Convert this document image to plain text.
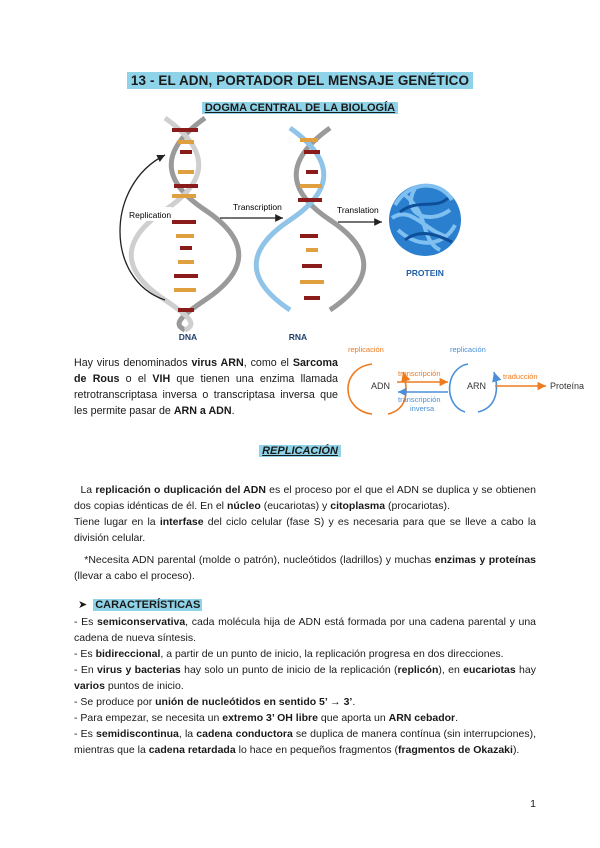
13 - EL ADN, PORTADOR DEL MENSAJE GENÉTICO
DOGMA CENTRAL DE LA BIOLOGÍA
Replication
Transcription	Translation
PROTEIN
DNA	RNA
replicación
ADN
transcripción
transcripción
inversa
replicación
ARN
traducción
Proteína
Hay virus denominados virus ARN, como el Sarcoma de Rous o el VIH que tienen una enzima llamada retrotranscriptasa inversa o transcriptasa inversa que les permite pasar de ARN a ADN.
REPLICACIÓN
La replicación o duplicación del ADN es el proceso por el que el ADN se duplica y se obtienen dos copias idénticas de él. En el núcleo (eucariotas) y citoplasma (procariotas).
Tiene lugar en la interfase del ciclo celular (fase S) y es necesaria para que se lleve a cabo la división celular.
*Necesita ADN parental (molde o patrón), nucleótidos (ladrillos) y muchas enzimas y proteínas (llevar a cabo el proceso).
➤ CARACTERÍSTICAS
- Es semiconservativa, cada molécula hija de ADN está formada por una cadena parental y una cadena de nueva síntesis.
- Es bidireccional, a partir de un punto de inicio, la replicación progresa en dos direcciones.
- En virus y bacterias hay solo un punto de inicio de la replicación (replicón), en eucariotas hay varios puntos de inicio.
- Se produce por unión de nucleótidos en sentido 5’ → 3’.
- Para empezar, se necesita un extremo 3’ OH libre que aporta un ARN cebador.
- Es semidiscontinua, la cadena conductora se duplica de manera contínua (sin interrupciones), mientras que la cadena retardada lo hace en pequeños fragmentos (fragmentos de Okazaki).
1
